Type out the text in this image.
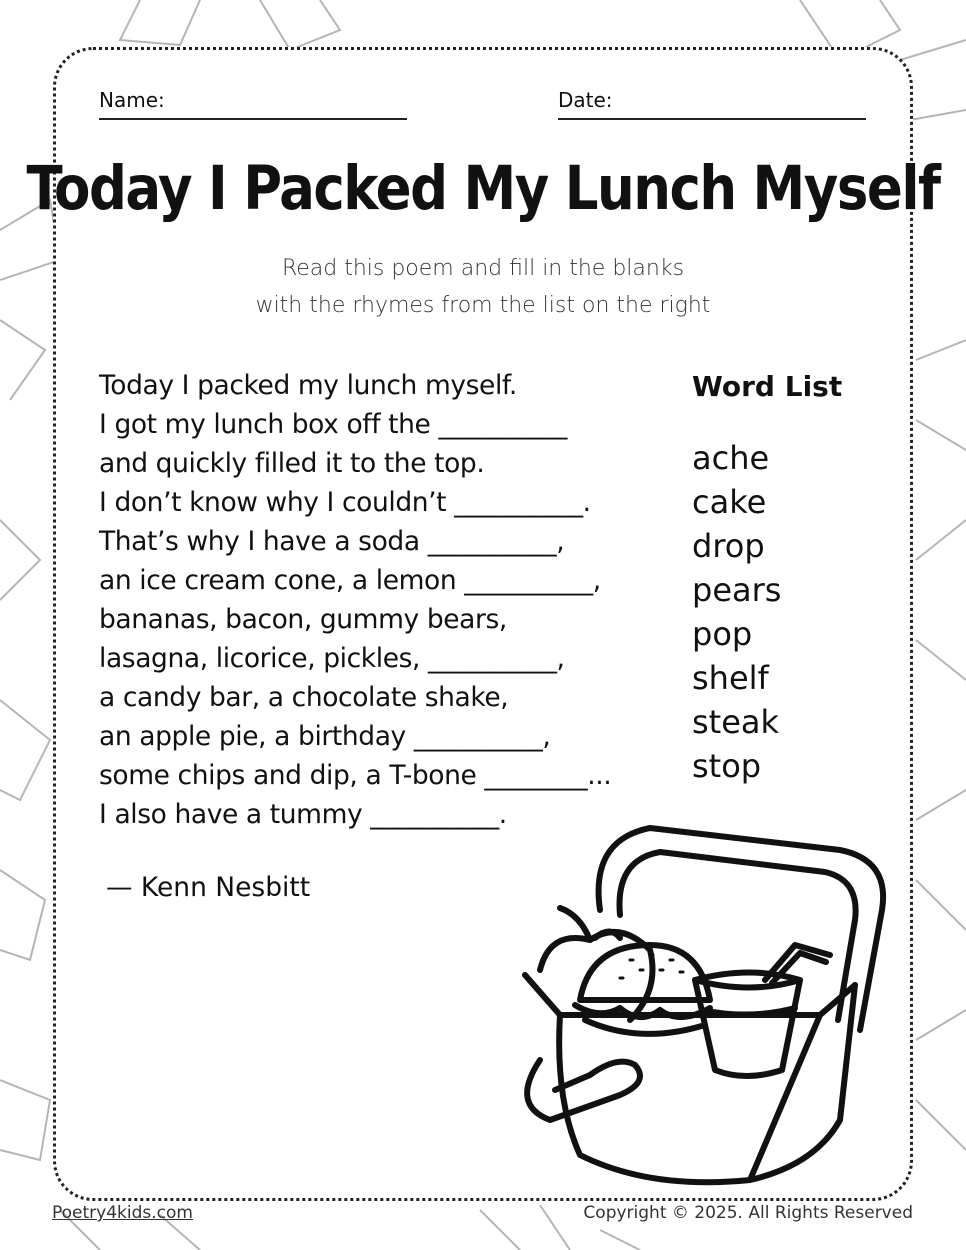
Name:	Date:
Today I Packed My Lunch Myself
Read this poem and fill in the blanks
with the rhymes from the list on the right
Today I packed my lunch myself.
I got my lunch box off the __________
and quickly filled it to the top.
I don’t know why I couldn’t __________.
That’s why I have a soda __________,
an ice cream cone, a lemon __________,
bananas, bacon, gummy bears,
lasagna, licorice, pickles, __________,
a candy bar, a chocolate shake,
an apple pie, a birthday __________,
some chips and dip, a T-bone ________...
I also have a tummy __________.
— Kenn Nesbitt
Word List
ache
cake
drop
pears
pop
shelf
steak
stop
Poetry4kids.com	Copyright © 2025. All Rights Reserved
